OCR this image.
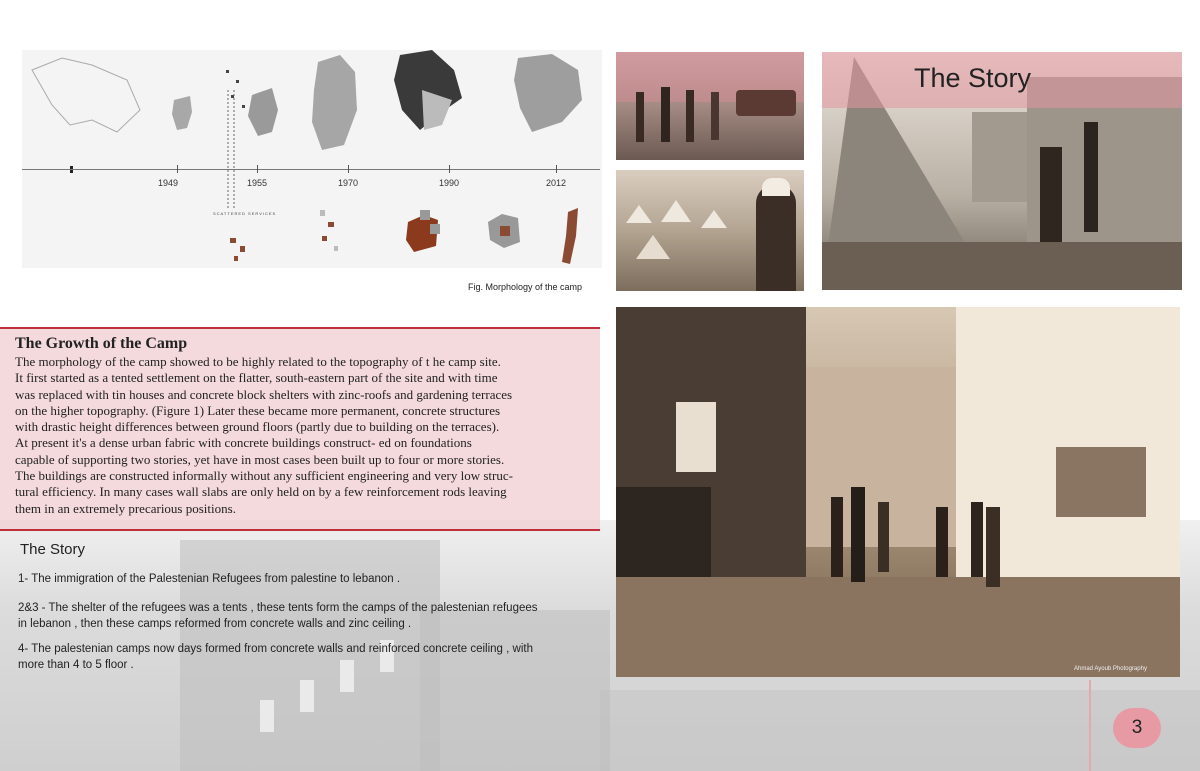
SCATTERED SERVICES
1949	1955	1970	1990	2012
Fig. Morphology of the camp
The Story
Ahmad Ayoub Photography
The Growth of the Camp
The morphology of the camp showed to be highly related to the topography of t he camp site.
It first started as a tented settlement on the flatter, south-eastern part of the site and with time
was replaced with tin houses and concrete block shelters with zinc-roofs and gardening terraces
on the higher topography. (Figure 1) Later these became more permanent, concrete structures
with drastic height differences between ground floors (partly due to building on the terraces).
At present it's a dense urban fabric with concrete buildings construct- ed on foundations
capable of supporting two stories, yet have in most cases been built up to four or more stories.
The buildings are constructed informally without any sufficient engineering and very low struc-
tural efficiency. In many cases wall slabs are only held on by a few reinforcement rods leaving
them in an extremely precarious positions.
The Story
1- The immigration of the Palestenian Refugees from palestine to lebanon .
2&3 - The shelter of the refugees was a tents , these tents form the camps of the palestenian refugees
in lebanon , then these camps reformed from concrete walls and zinc ceiling .
4- The palestenian camps now days formed from concrete walls and reinforced concrete ceiling , with
more than 4 to 5 floor .
3
